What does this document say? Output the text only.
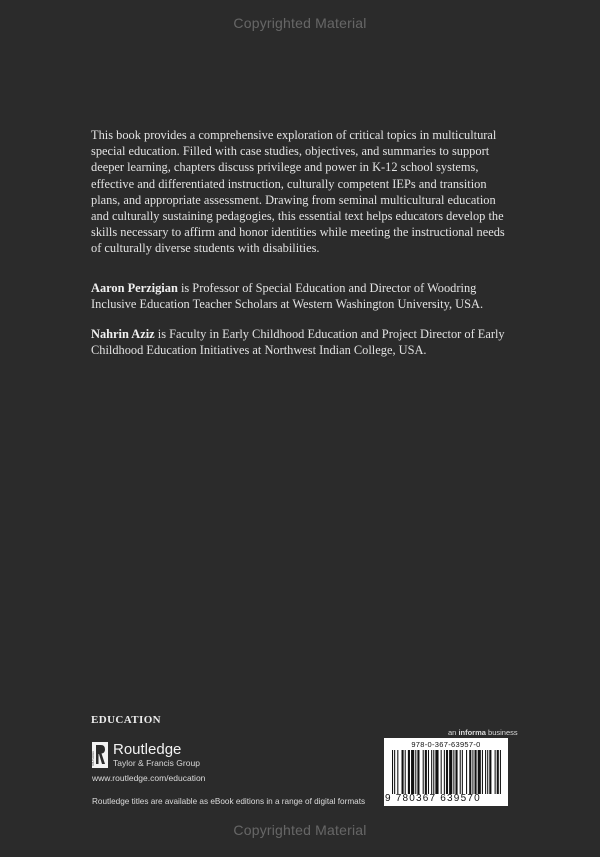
Copyrighted Material

This book provides a comprehensive exploration of critical topics in multicultural special education. Filled with case studies, objectives, and summaries to support deeper learning, chapters discuss privilege and power in K-12 school systems, effective and differentiated instruction, culturally competent IEPs and transition plans, and appropriate assessment. Drawing from seminal multicultural education and culturally sustaining pedagogies, this essential text helps educators develop the skills necessary to affirm and honor identities while meeting the instructional needs of culturally diverse students with disabilities.

Aaron Perzigian is Professor of Special Education and Director of Woodring Inclusive Education Teacher Scholars at Western Washington University, USA.

Nahrin Aziz is Faculty in Early Childhood Education and Project Director of Early Childhood Education Initiatives at Northwest Indian College, USA.

EDUCATION
ROUTLEDGE
Routledge
Taylor & Francis Group
www.routledge.com/education
Routledge titles are available as eBook editions in a range of digital formats
an informa business
978-0-367-63957-0
9 780367 639570
Copyrighted Material
